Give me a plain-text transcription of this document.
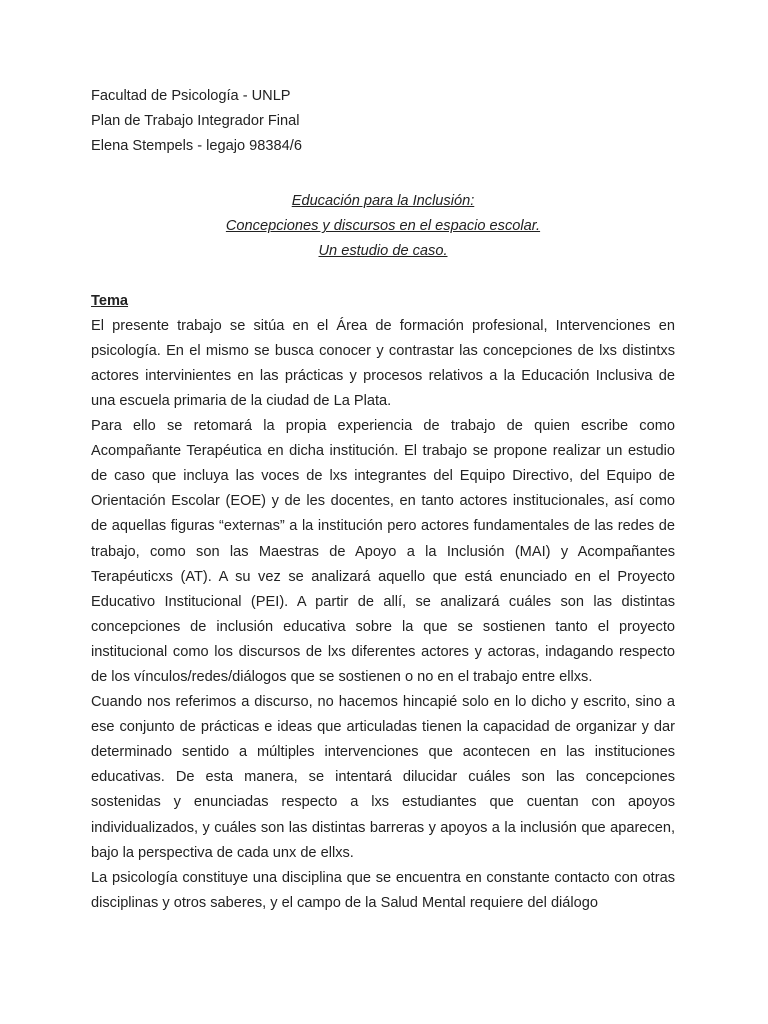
Facultad de Psicología - UNLP
Plan de Trabajo Integrador Final
Elena Stempels - legajo 98384/6
Educación para la Inclusión:
Concepciones y discursos en el espacio escolar.
Un estudio de caso.
Tema

El presente trabajo se sitúa en el Área de formación profesional, Intervenciones en psicología. En el mismo se busca conocer y contrastar las concepciones de lxs distintxs actores intervinientes en las prácticas y procesos relativos a la Educación Inclusiva de una escuela primaria de la ciudad de La Plata.

Para ello se retomará la propia experiencia de trabajo de quien escribe como Acompañante Terapéutica en dicha institución. El trabajo se propone realizar un estudio de caso que incluya las voces de lxs integrantes del Equipo Directivo, del Equipo de Orientación Escolar (EOE) y de les docentes, en tanto actores institucionales, así como de aquellas figuras “externas” a la institución pero actores fundamentales de las redes de trabajo, como son las Maestras de Apoyo a la Inclusión (MAI) y Acompañantes Terapéuticxs (AT). A su vez se analizará aquello que está enunciado en el Proyecto Educativo Institucional (PEI). A partir de allí, se analizará cuáles son las distintas concepciones de inclusión educativa sobre la que se sostienen tanto el proyecto institucional como los discursos de lxs diferentes actores y actoras, indagando respecto de los vínculos/redes/diálogos que se sostienen o no en el trabajo entre ellxs.

Cuando nos referimos a discurso, no hacemos hincapié solo en lo dicho y escrito, sino a ese conjunto de prácticas e ideas que articuladas tienen la capacidad de organizar y dar determinado sentido a múltiples intervenciones que acontecen en las instituciones educativas. De esta manera, se intentará dilucidar cuáles son las concepciones sostenidas y enunciadas respecto a lxs estudiantes que cuentan con apoyos individualizados, y cuáles son las distintas barreras y apoyos a la inclusión que aparecen, bajo la perspectiva de cada unx de ellxs.

La psicología constituye una disciplina que se encuentra en constante contacto con otras disciplinas y otros saberes, y el campo de la Salud Mental requiere del diálogo
